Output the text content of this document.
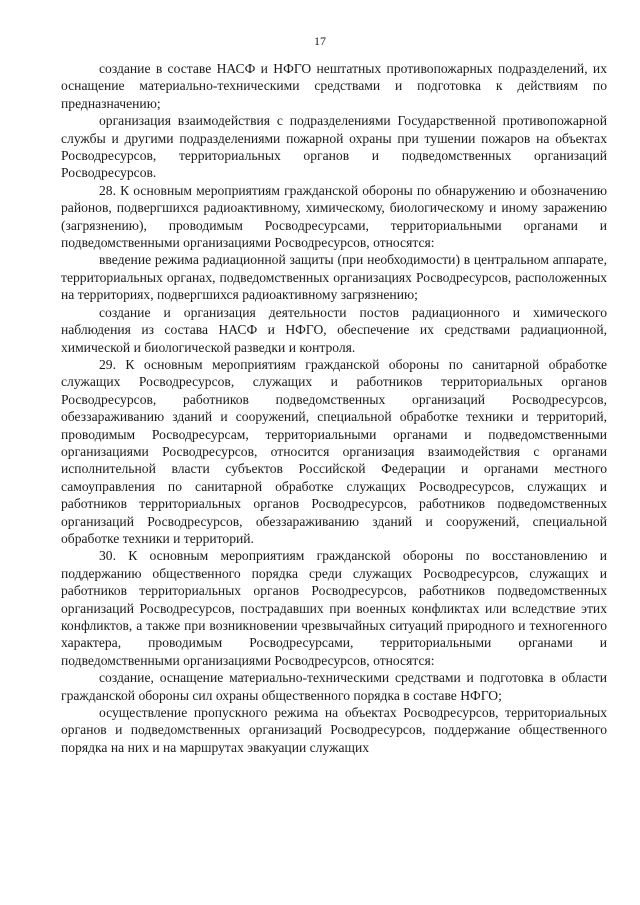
17

создание в составе НАСФ и НФГО нештатных противопожарных подразделений, их оснащение материально-техническими средствами и подготовка к действиям по предназначению;

организация взаимодействия с подразделениями Государственной противопожарной службы и другими подразделениями пожарной охраны при тушении пожаров на объектах Росводресурсов, территориальных органов и подведомственных организаций Росводресурсов.

28. К основным мероприятиям гражданской обороны по обнаружению и обозначению районов, подвергшихся радиоактивному, химическому, биологическому и иному заражению (загрязнению), проводимым Росводресурсами, территориальными органами и подведомственными организациями Росводресурсов, относятся:

введение режима радиационной защиты (при необходимости) в центральном аппарате, территориальных органах, подведомственных организациях Росводресурсов, расположенных на территориях, подвергшихся радиоактивному загрязнению;

создание и организация деятельности постов радиационного и химического наблюдения из состава НАСФ и НФГО, обеспечение их средствами радиационной, химической и биологической разведки и контроля.

29. К основным мероприятиям гражданской обороны по санитарной обработке служащих Росводресурсов, служащих и работников территориальных органов Росводресурсов, работников подведомственных организаций Росводресурсов, обеззараживанию зданий и сооружений, специальной обработке техники и территорий, проводимым Росводресурсам, территориальными органами и подведомственными организациями Росводресурсов, относится организация взаимодействия с органами исполнительной власти субъектов Российской Федерации и органами местного самоуправления по санитарной обработке служащих Росводресурсов, служащих и работников территориальных органов Росводресурсов, работников подведомственных организаций Росводресурсов, обеззараживанию зданий и сооружений, специальной обработке техники и территорий.

30. К основным мероприятиям гражданской обороны по восстановлению и поддержанию общественного порядка среди служащих Росводресурсов, служащих и работников территориальных органов Росводресурсов, работников подведомственных организаций Росводресурсов, пострадавших при военных конфликтах или вследствие этих конфликтов, а также при возникновении чрезвычайных ситуаций природного и техногенного характера, проводимым Росводресурсами, территориальными органами и подведомственными организациями Росводресурсов, относятся:

создание, оснащение материально-техническими средствами и подготовка в области гражданской обороны сил охраны общественного порядка в составе НФГО;

осуществление пропускного режима на объектах Росводресурсов, территориальных органов и подведомственных организаций Росводресурсов, поддержание общественного порядка на них и на маршрутах эвакуации служащих
